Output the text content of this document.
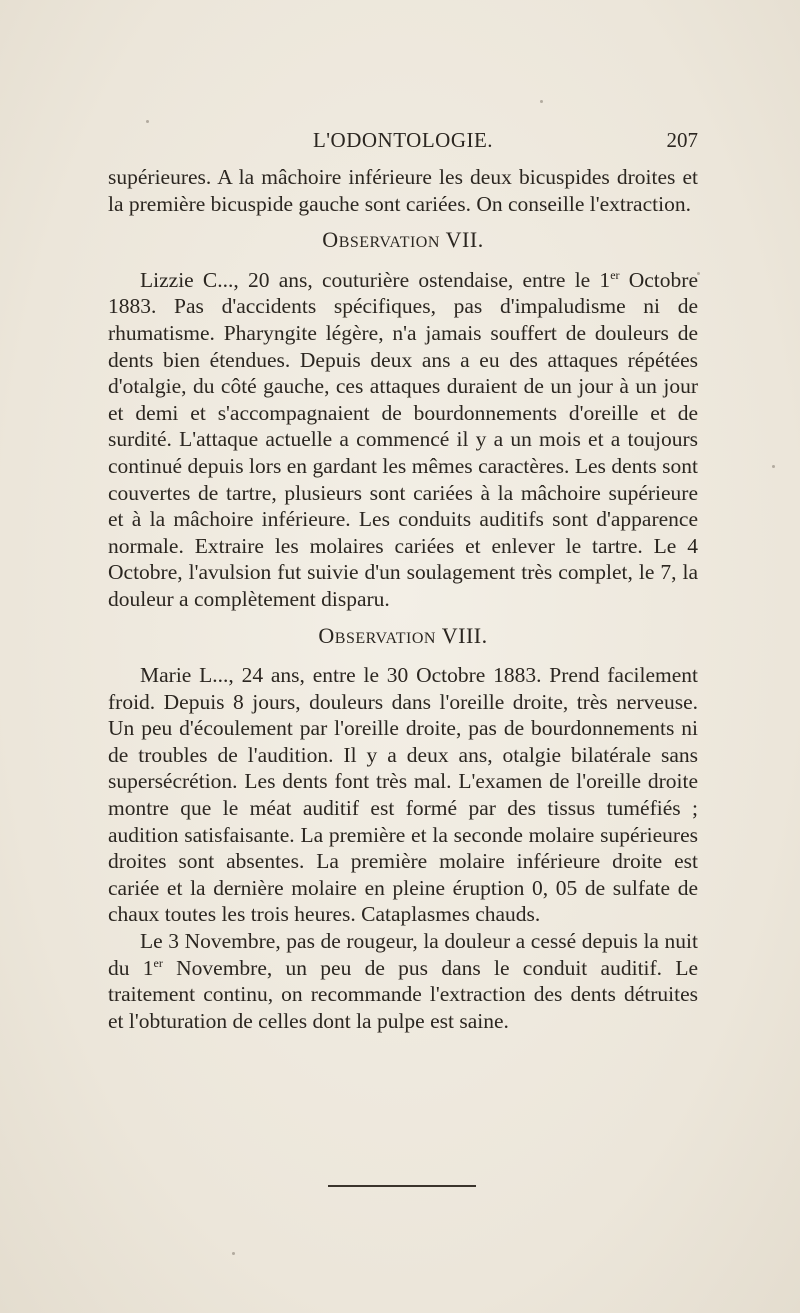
L'ODONTOLOGIE.	207

supérieures. A la mâchoire inférieure les deux bicuspides droites et la première bicuspide gauche sont cariées. On conseille l'extraction.

OBSERVATION VII.

Lizzie C..., 20 ans, couturière ostendaise, entre le 1er Octobre 1883. Pas d'accidents spécifiques, pas d'impaludisme ni de rhumatisme. Pharyngite légère, n'a jamais souffert de douleurs de dents bien étendues. Depuis deux ans a eu des attaques répétées d'otalgie, du côté gauche, ces attaques duraient de un jour à un jour et demi et s'accompagnaient de bourdonnements d'oreille et de surdité. L'attaque actuelle a commencé il y a un mois et a toujours continué depuis lors en gardant les mêmes caractères. Les dents sont couvertes de tartre, plusieurs sont cariées à la mâchoire supérieure et à la mâchoire inférieure. Les conduits auditifs sont d'apparence normale. Extraire les molaires cariées et enlever le tartre. Le 4 Octobre, l'avulsion fut suivie d'un soulagement très complet, le 7, la douleur a complètement disparu.

OBSERVATION VIII.

Marie L..., 24 ans, entre le 30 Octobre 1883. Prend facilement froid. Depuis 8 jours, douleurs dans l'oreille droite, très nerveuse. Un peu d'écoulement par l'oreille droite, pas de bourdonnements ni de troubles de l'audition. Il y a deux ans, otalgie bilatérale sans supersécrétion. Les dents font très mal. L'examen de l'oreille droite montre que le méat auditif est formé par des tissus tuméfiés ; audition satisfaisante. La première et la seconde molaire supérieures droites sont absentes. La première molaire inférieure droite est cariée et la dernière molaire en pleine éruption 0, 05 de sulfate de chaux toutes les trois heures. Cataplasmes chauds.

Le 3 Novembre, pas de rougeur, la douleur a cessé depuis la nuit du 1er Novembre, un peu de pus dans le conduit auditif. Le traitement continu, on recommande l'extraction des dents détruites et l'obturation de celles dont la pulpe est saine.
